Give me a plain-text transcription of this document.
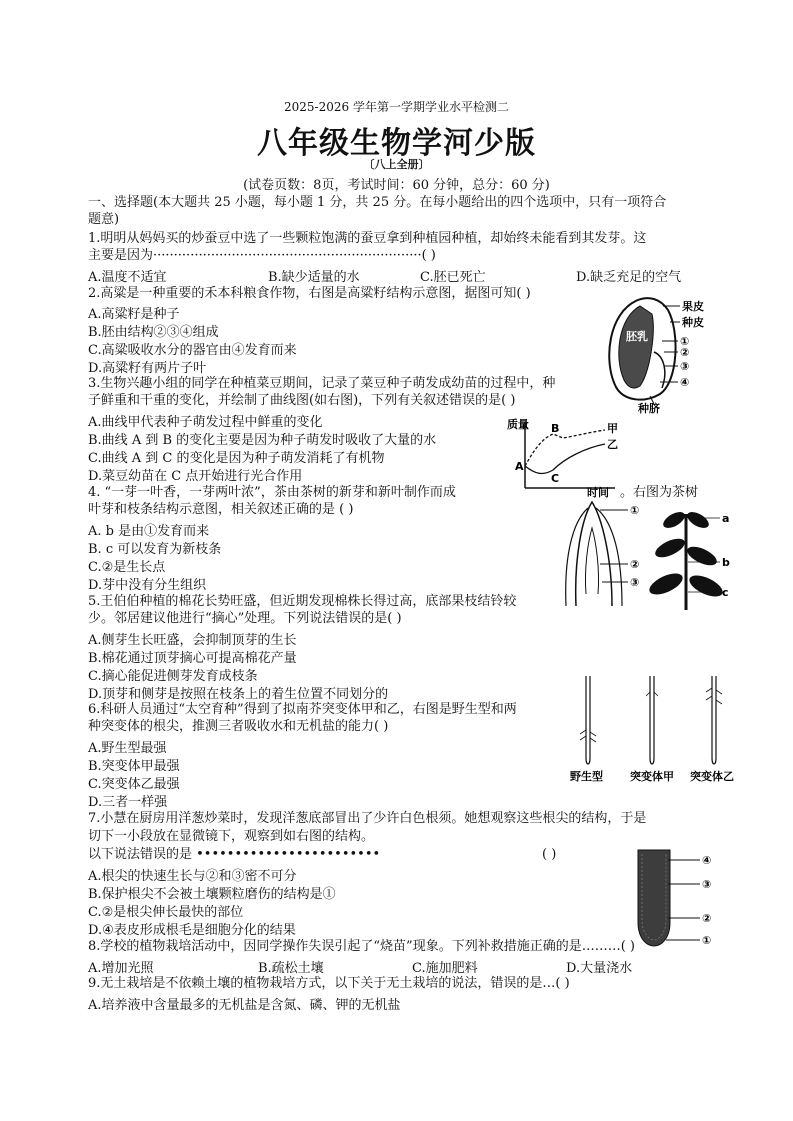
2025-2026 学年第一学期学业水平检测二
八年级生物学河少版
〔八上全册〕
(试卷页数：8页，考试时间：60 分钟，总分：60 分)
一、选择题(本大题共 25 小题，每小题 1 分，共 25 分。在每小题给出的四个选项中，只有一项符合
题意)
1.明明从妈妈买的炒蚕豆中选了一些颗粒饱满的蚕豆拿到种植园种植，却始终未能看到其发芽。这
主要是因为·································································( )
A.温度不适宜	B.缺少适量的水	C.胚已死亡	D.缺乏充足的空气
2.高粱是一种重要的禾本科粮食作物，右图是高粱籽结构示意图，据图可知( )
A.高粱籽是种子
B.胚由结构②③④组成
C.高粱吸收水分的器官由④发育而来
D.高粱籽有两片子叶
胚乳
果皮
种皮
①
②
③
④
种脐
3.生物兴趣小组的同学在种植菜豆期间，记录了菜豆种子萌发成幼苗的过程中，种
子鲜重和干重的变化，并绘制了曲线图(如右图)，下列有关叙述错误的是( )
A.曲线甲代表种子萌发过程中鲜重的变化
B.曲线 A 到 B 的变化主要是因为种子萌发时吸收了大量的水
C.曲线 A 到 C 的变化是因为种子萌发消耗了有机物
D.菜豆幼苗在 C 点开始进行光合作用
质量
时间
甲
乙
A
B
C
4. “一芽一叶香，一芽两叶浓”，茶由茶树的新芽和新叶制作而成	。右图为茶树
叶芽和枝条结构示意图，相关叙述正确的是 ( )
A. b 是由①发育而来
B. c 可以发育为新枝条
C.②是生长点
D.芽中没有分生组织
①
②
③
a
b
c
5.王伯伯种植的棉花长势旺盛，但近期发现棉株长得过高，底部果枝结铃较
少。邻居建议他进行“摘心”处理。下列说法错误的是( )
A.侧芽生长旺盛，会抑制顶芽的生长
B.棉花通过顶芽摘心可提高棉花产量
C.摘心能促进侧芽发育成枝条
D.顶芽和侧芽是按照在枝条上的着生位置不同划分的
6.科研人员通过“太空育种”得到了拟南芥突变体甲和乙，右图是野生型和两
种突变体的根尖，推测三者吸收水和无机盐的能力( )
A.野生型最强
B.突变体甲最强
C.突变体乙最强
D.三者一样强
野生型 突变体甲 突变体乙
7.小慧在厨房用洋葱炒菜时，发现洋葱底部冒出了少许白色根须。她想观察这些根尖的结构，于是
切下一小段放在显微镜下，观察到如右图的结构。
以下说法错误的是 ••••••••••••••••••••••••	( )
A.根尖的快速生长与②和③密不可分
B.保护根尖不会被土壤颗粒磨伤的结构是①
C.②是根尖伸长最快的部位
D.④表皮形成根毛是细胞分化的结果
④
③
②
①
8.学校的植物栽培活动中，因同学操作失误引起了“烧苗”现象。下列补救措施正确的是………( )
A.增加光照	B.疏松土壤	C.施加肥料	D.大量浇水
9.无土栽培是不依赖土壤的植物栽培方式，以下关于无土栽培的说法，错误的是…( )
A.培养液中含量最多的无机盐是含氮、磷、钾的无机盐
